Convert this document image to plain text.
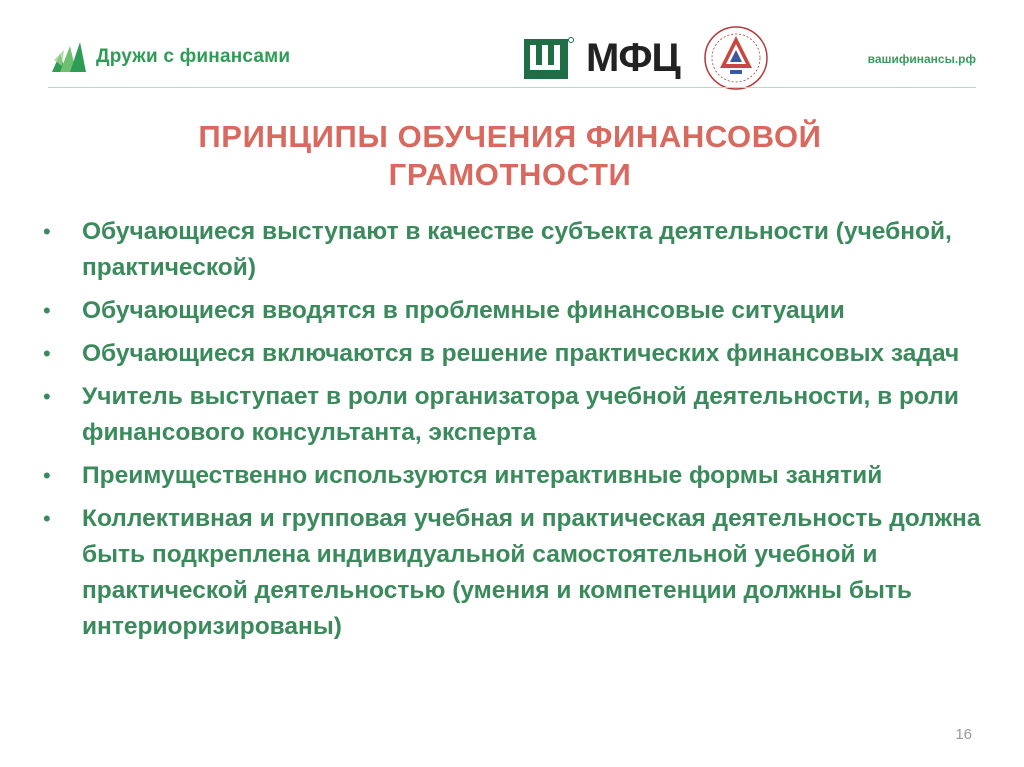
Дружи с финансами	МФЦ	вашифинансы.рф
ПРИНЦИПЫ ОБУЧЕНИЯ ФИНАНСОВОЙ
ГРАМОТНОСТИ
•	Обучающиеся выступают в качестве субъекта деятельности (учебной, практической)
•	Обучающиеся вводятся в проблемные финансовые ситуации
•	Обучающиеся включаются в решение практических финансовых задач
•	Учитель выступает в роли организатора учебной деятельности, в роли финансового консультанта, эксперта
•	Преимущественно используются интерактивные формы занятий
•	Коллективная и групповая учебная и практическая деятельность должна быть подкреплена индивидуальной самостоятельной учебной и практической деятельностью (умения и компетенции должны быть интериоризированы)
16
